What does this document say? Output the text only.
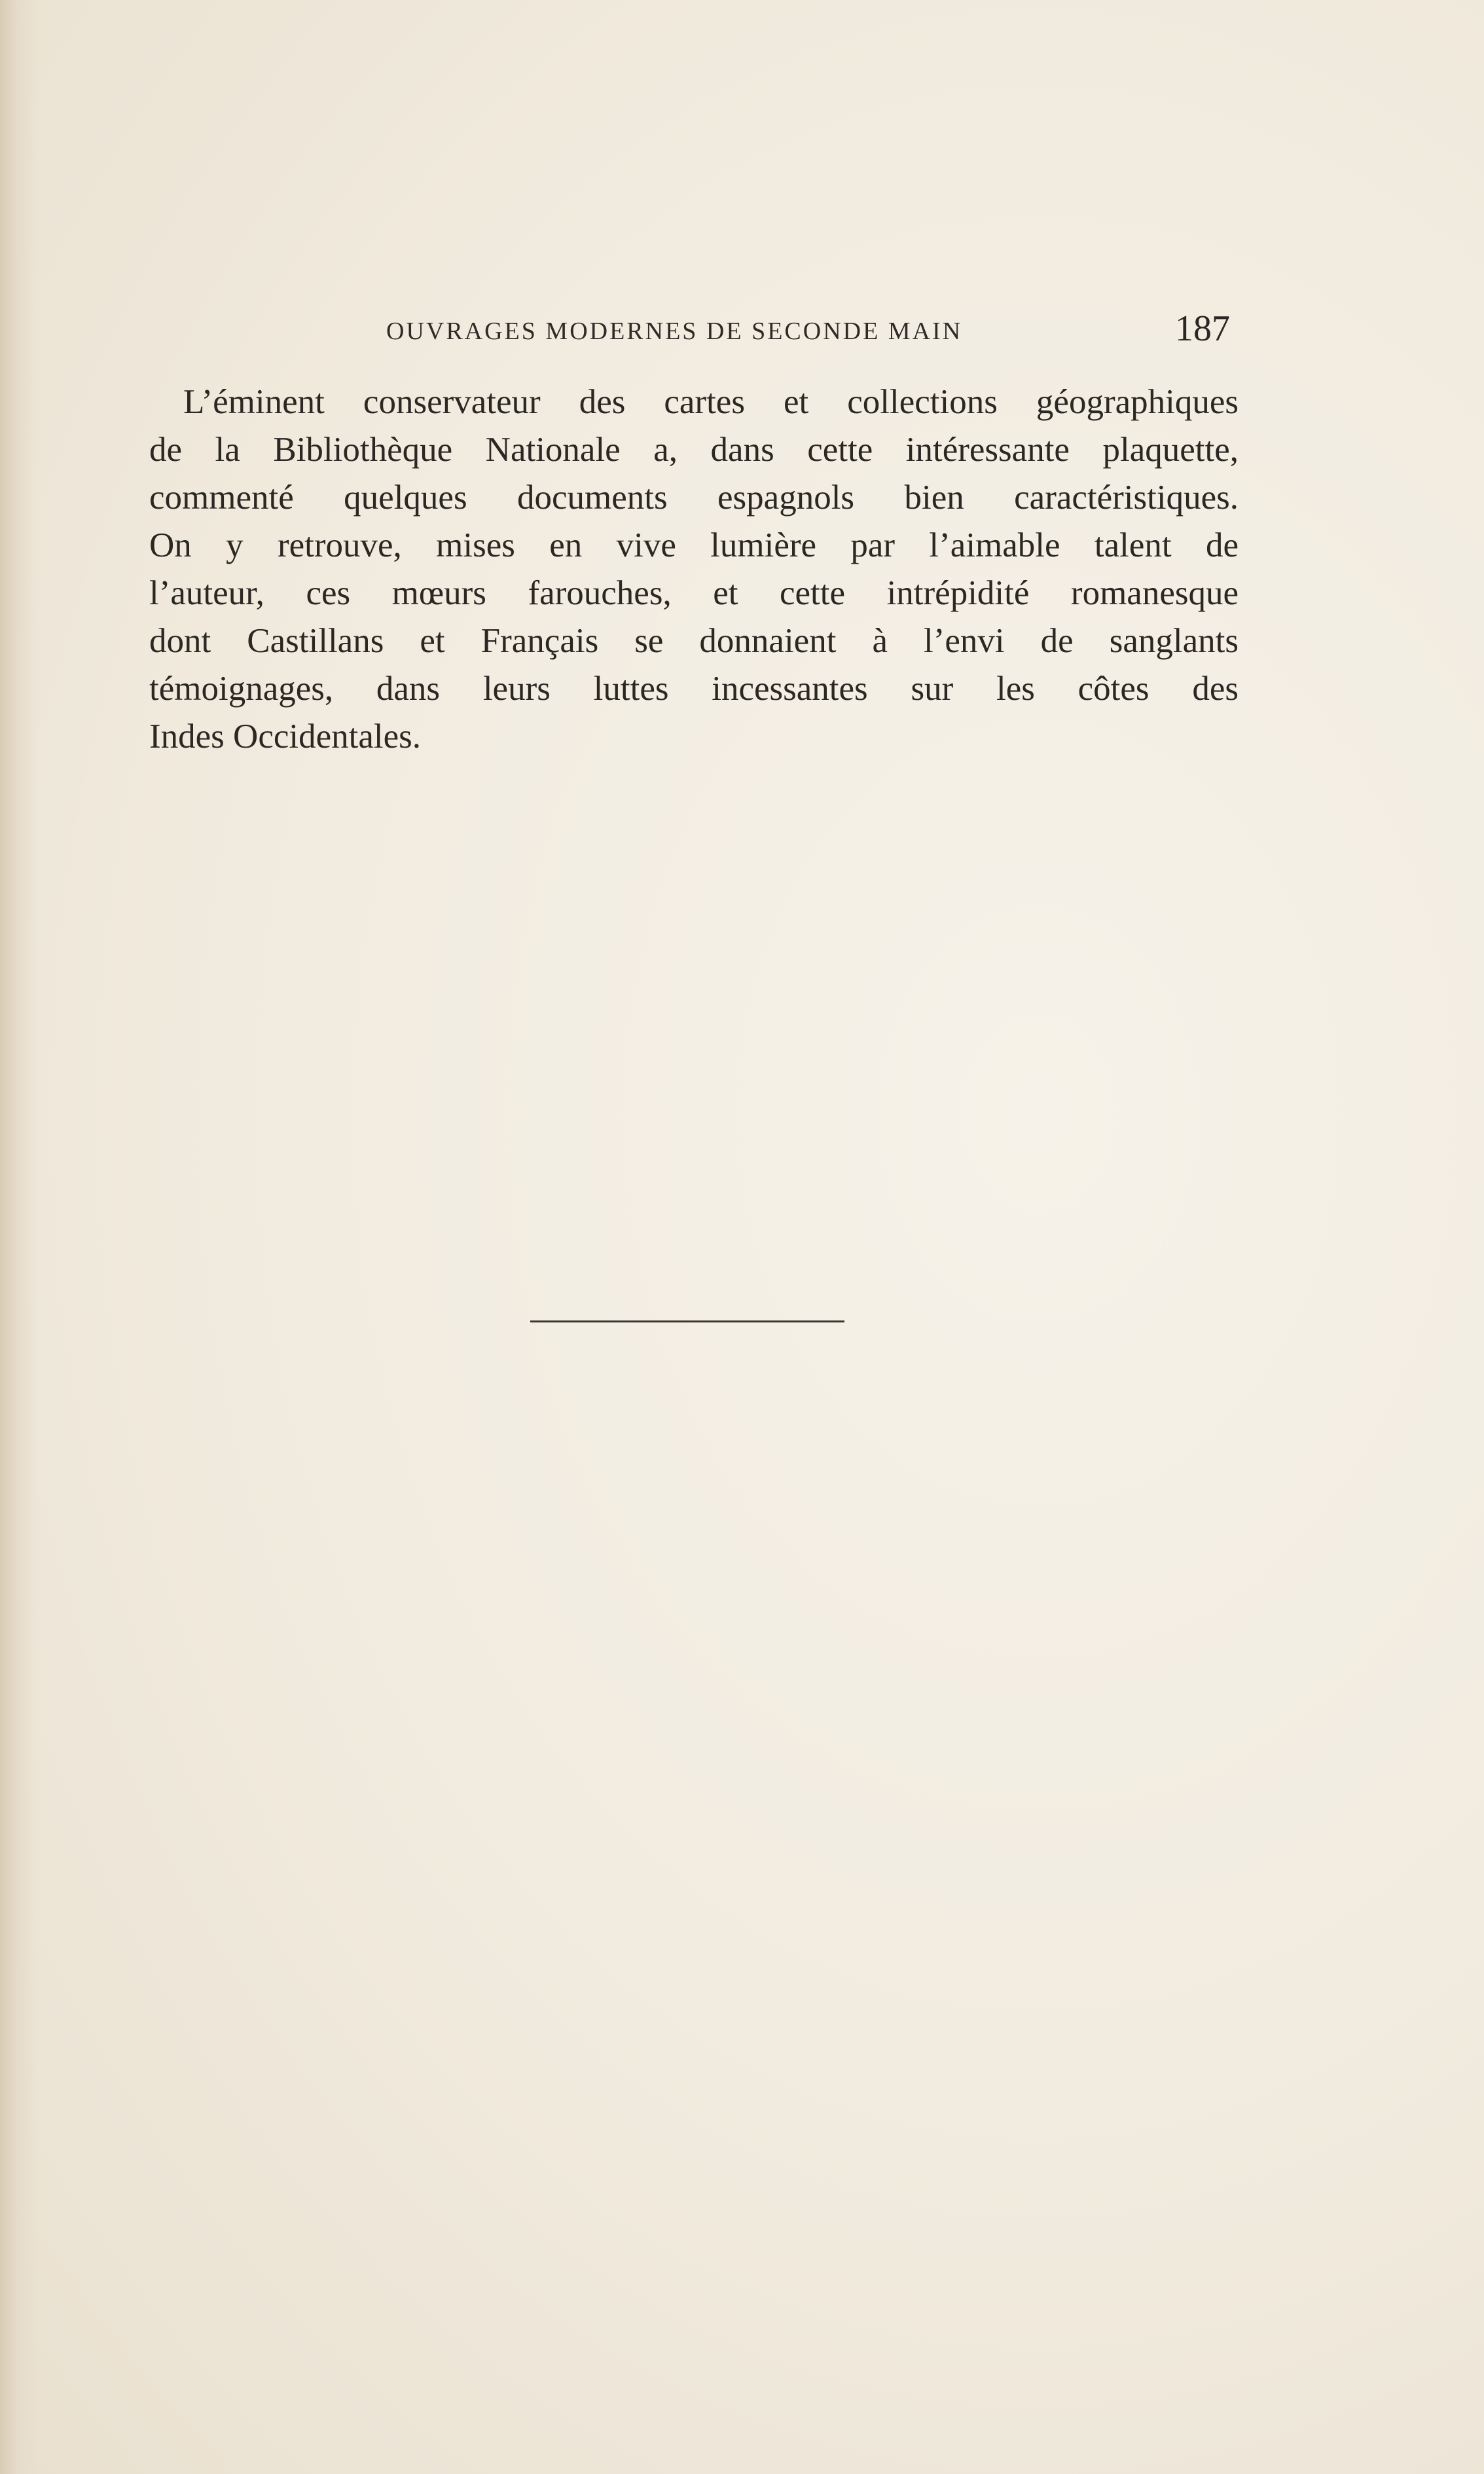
OUVRAGES MODERNES DE SECONDE MAIN	187
L’éminent conservateur des cartes et collections géographiques
de la Bibliothèque Nationale a, dans cette intéressante plaquette,
commenté quelques documents espagnols bien caractéristiques.
On y retrouve, mises en vive lumière par l’aimable talent de
l’auteur, ces mœurs farouches, et cette intrépidité romanesque
dont Castillans et Français se donnaient à l’envi de sanglants
témoignages, dans leurs luttes incessantes sur les côtes des
Indes Occidentales.
